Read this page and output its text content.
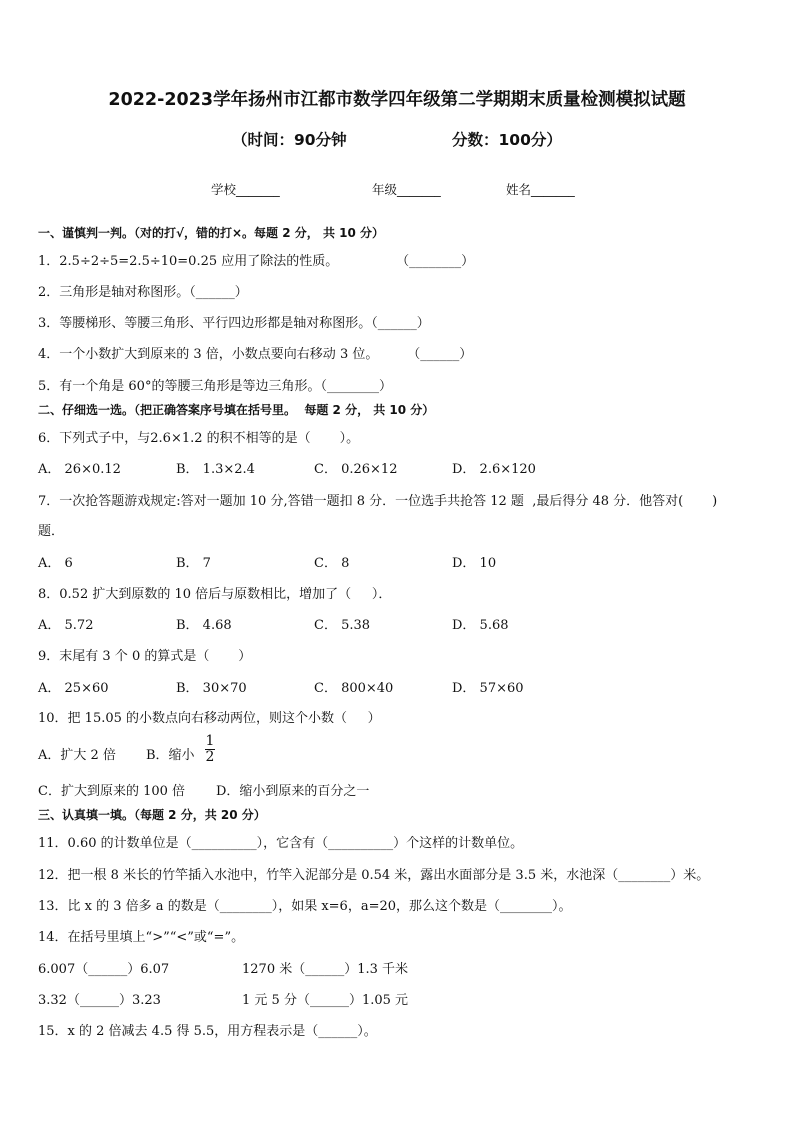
2022-2023学年扬州市江都市数学四年级第二学期期末质量检测模拟试题
（时间：90分钟	分数：100分）
学校_______	年级_______	姓名_______
一、谨慎判一判。（对的打√，错的打×。每题 2 分， 共 10 分）
1．2.5÷2÷5=2.5÷10=0.25 应用了除法的性质。              （________）
2．三角形是轴对称图形。（______）
3．等腰梯形、等腰三角形、平行四边形都是轴对称图形。（______）
4．一个小数扩大到原来的 3 倍，小数点要向右移动 3 位。       （______）
5．有一个角是 60°的等腰三角形是等边三角形。（________）
二、仔细选一选。（把正确答案序号填在括号里。  每题 2 分， 共 10 分）
6．下列式子中，与2.6×1.2 的积不相等的是（       ）。
A． 26×0.12	B． 1.3×2.4	C． 0.26×12	D． 2.6×120
7．一次抢答题游戏规定:答对一题加 10 分,答错一题扣 8 分．一位选手共抢答 12 题  ,最后得分 48 分．他答对(       )
题．
A． 6	B． 7	C． 8	D． 10
8．0.52 扩大到原数的 10 倍后与原数相比，增加了（     ）．
A． 5.72	B． 4.68	C． 5.38	D． 5.68
9．末尾有 3 个 0 的算式是（       ）
A． 25×60	B． 30×70	C． 800×40	D． 57×60
10．把 15.05 的小数点向右移动两位，则这个小数（     ）
A．扩大 2 倍 B．缩小
1
2
C．扩大到原来的 100 倍 D．缩小到原来的百分之一
三、认真填一填。（每题 2 分，共 20 分）
11．0.60 的计数单位是（__________），它含有（__________）个这样的计数单位。
12．把一根 8 米长的竹竿插入水池中，竹竿入泥部分是 0.54 米，露出水面部分是 3.5 米，水池深（________）米。
13．比 x 的 3 倍多 a 的数是（________），如果 x=6，a=20，那么这个数是（________）。
14．在括号里填上“>”“<”或“=”。
6.007（______）6.07	1270 米（______）1.3 千米
3.32（______）3.23	1 元 5 分（______）1.05 元
15．x 的 2 倍减去 4.5 得 5.5，用方程表示是（______）。
